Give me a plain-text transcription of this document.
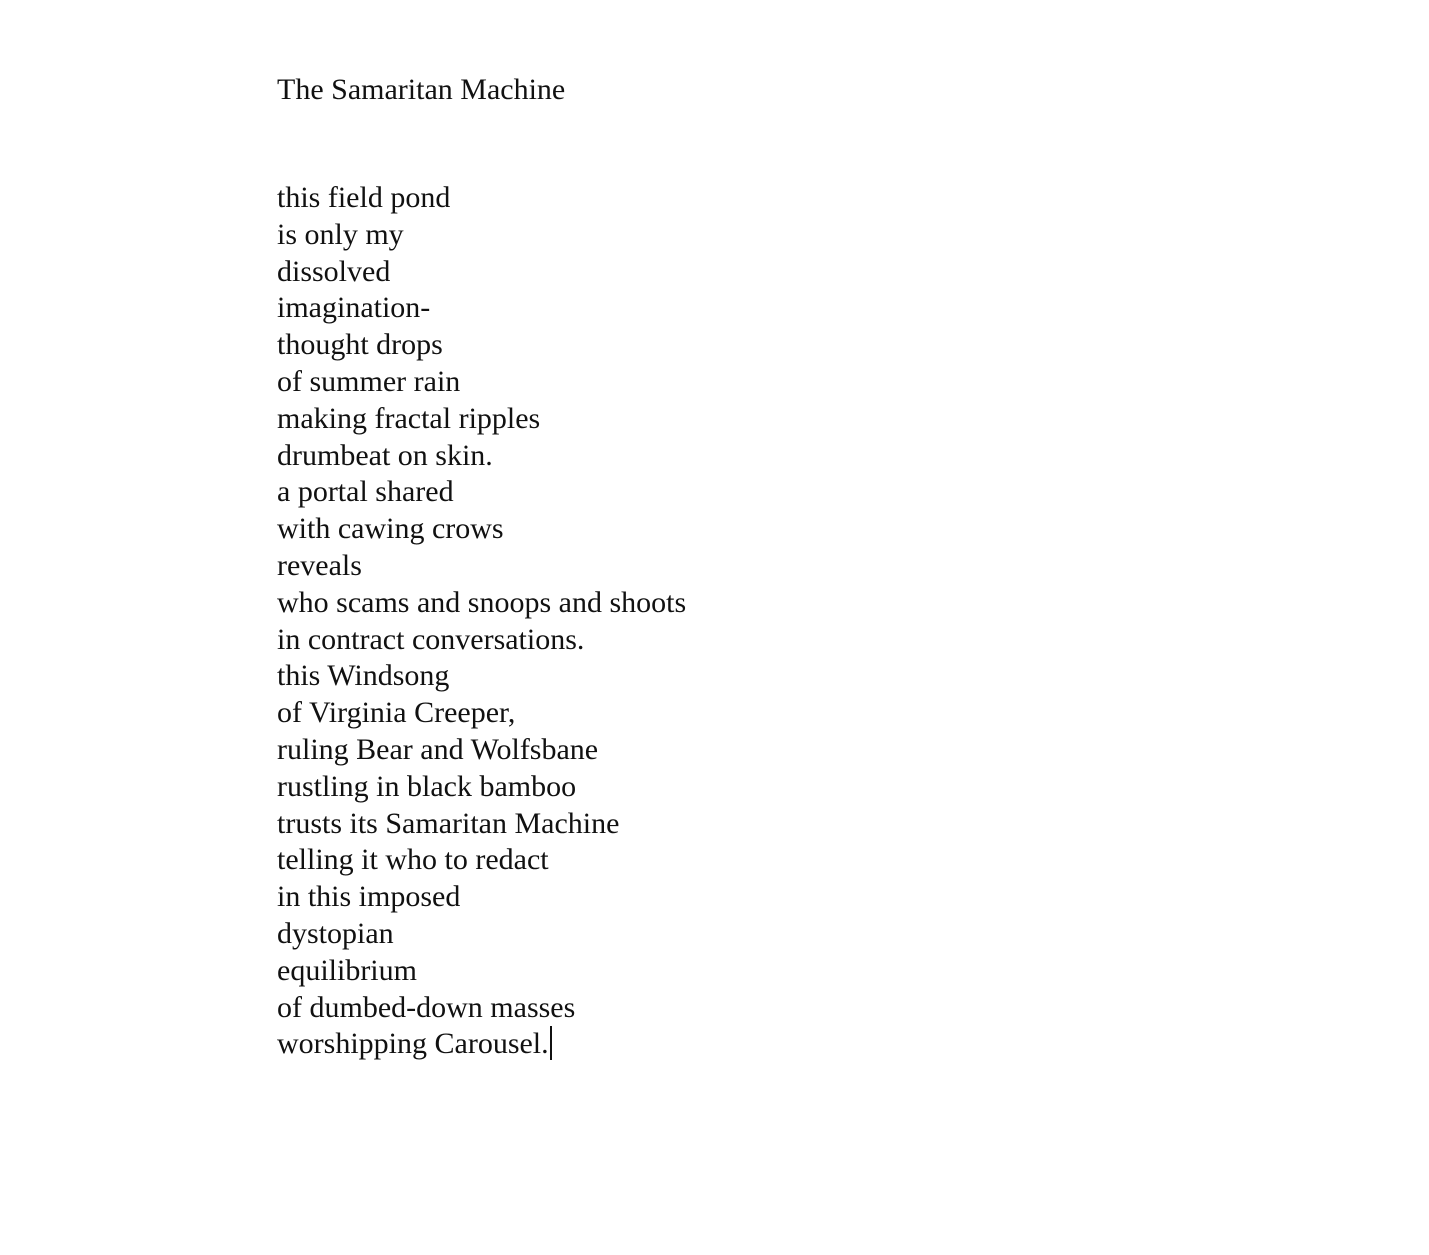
The Samaritan Machine
this field pond
is only my
dissolved
imagination-
thought drops
of summer rain
making fractal ripples
drumbeat on skin.
a portal shared
with cawing crows
reveals
who scams and snoops and shoots
in contract conversations.
this Windsong
of Virginia Creeper,
ruling Bear and Wolfsbane
rustling in black bamboo
trusts its Samaritan Machine
telling it who to redact
in this imposed
dystopian
equilibrium
of dumbed-down masses
worshipping Carousel.
